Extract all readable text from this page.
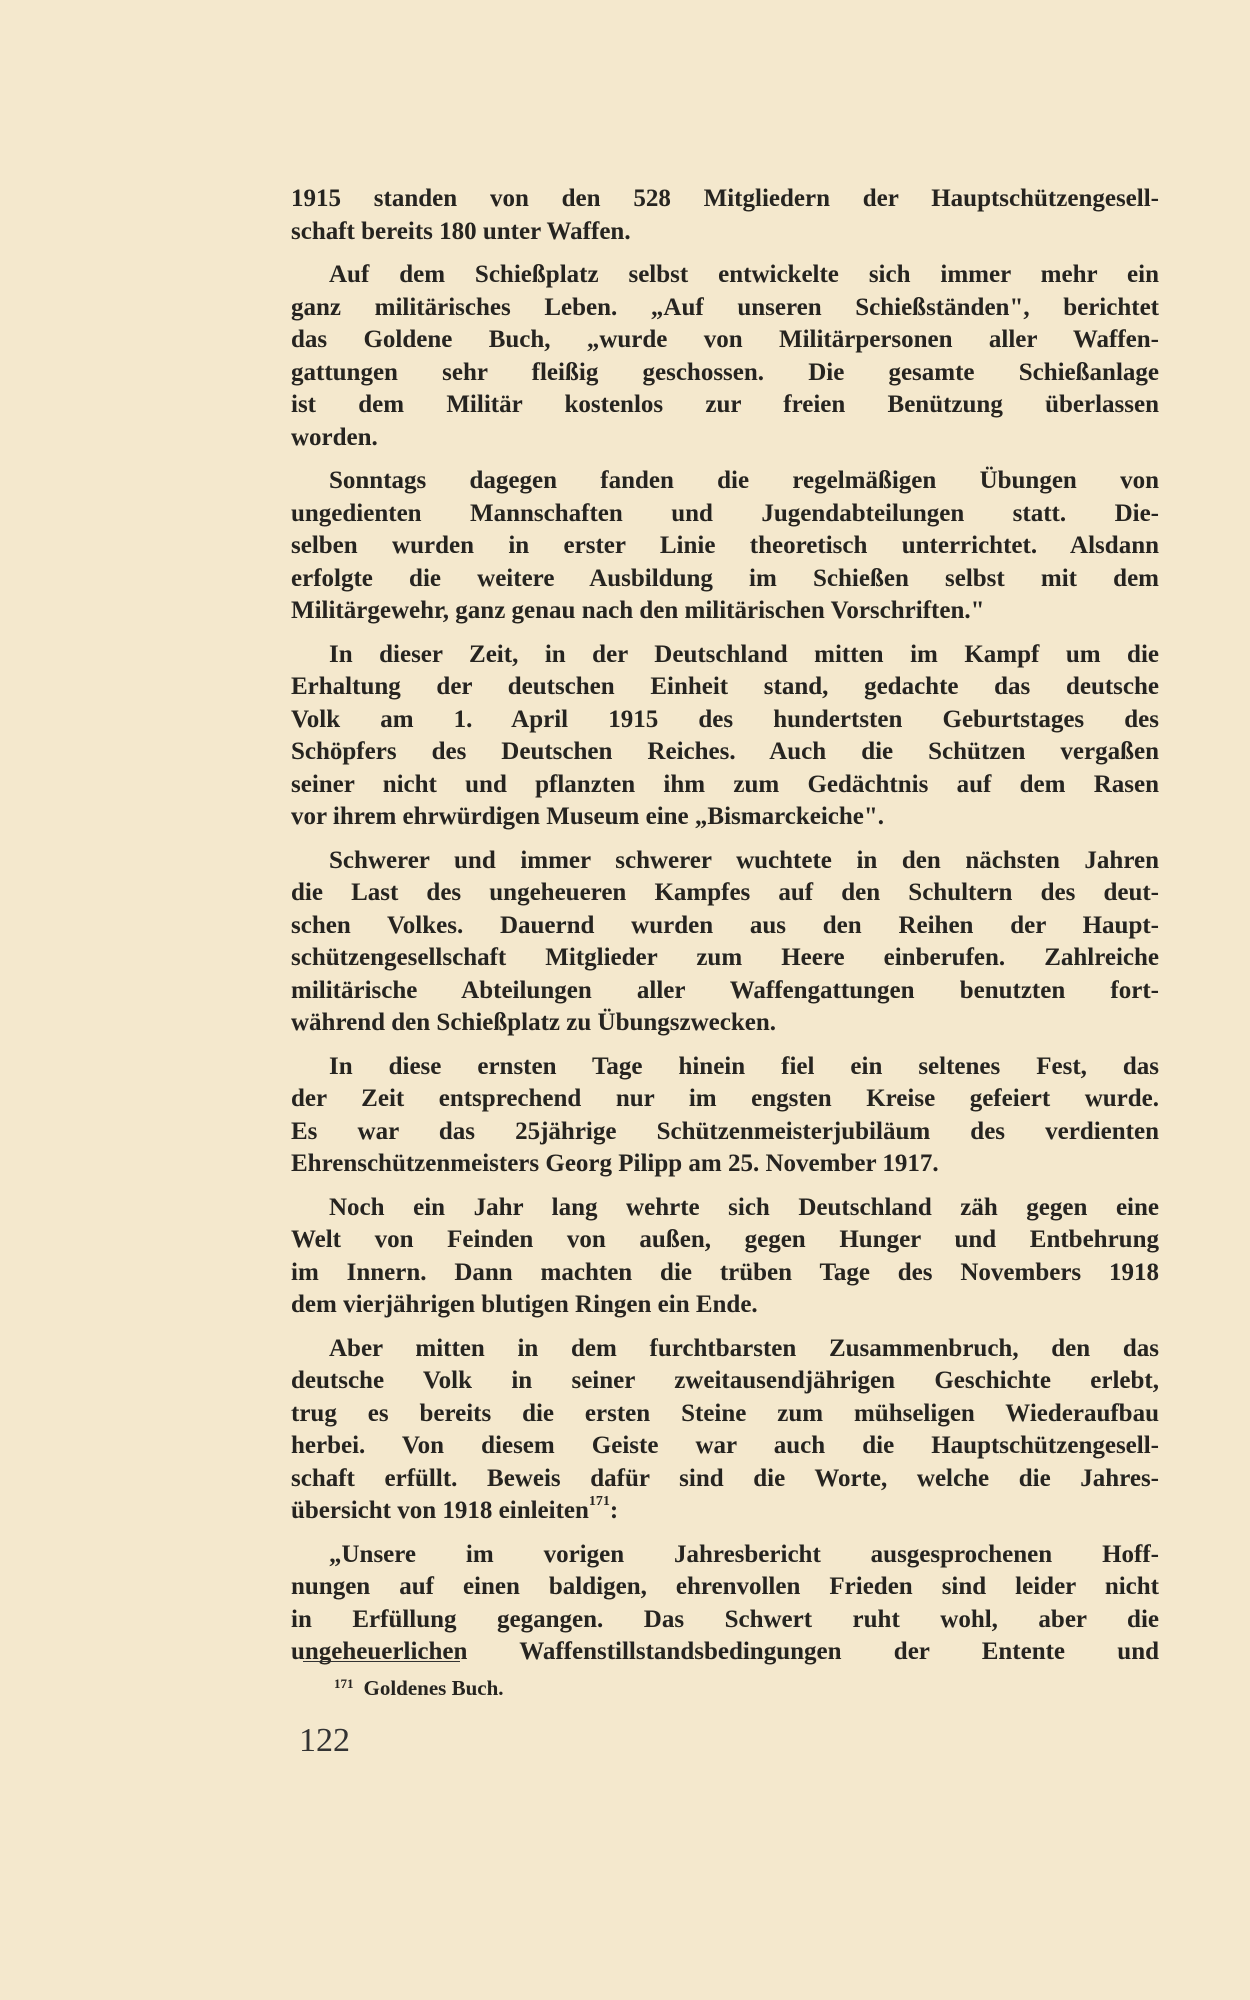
1915 standen von den 528 Mitgliedern der Hauptschützengesell-
schaft bereits 180 unter Waffen.
Auf dem Schießplatz selbst entwickelte sich immer mehr ein
ganz militärisches Leben. „Auf unseren Schießständen", berichtet
das Goldene Buch, „wurde von Militärpersonen aller Waffen-
gattungen sehr fleißig geschossen. Die gesamte Schießanlage
ist dem Militär kostenlos zur freien Benützung überlassen
worden.
Sonntags dagegen fanden die regelmäßigen Übungen von
ungedienten Mannschaften und Jugendabteilungen statt. Die-
selben wurden in erster Linie theoretisch unterrichtet. Alsdann
erfolgte die weitere Ausbildung im Schießen selbst mit dem
Militärgewehr, ganz genau nach den militärischen Vorschriften."
In dieser Zeit, in der Deutschland mitten im Kampf um die
Erhaltung der deutschen Einheit stand, gedachte das deutsche
Volk am 1. April 1915 des hundertsten Geburtstages des
Schöpfers des Deutschen Reiches. Auch die Schützen vergaßen
seiner nicht und pflanzten ihm zum Gedächtnis auf dem Rasen
vor ihrem ehrwürdigen Museum eine „Bismarckeiche".
Schwerer und immer schwerer wuchtete in den nächsten Jahren
die Last des ungeheueren Kampfes auf den Schultern des deut-
schen Volkes. Dauernd wurden aus den Reihen der Haupt-
schützengesellschaft Mitglieder zum Heere einberufen. Zahlreiche
militärische Abteilungen aller Waffengattungen benutzten fort-
während den Schießplatz zu Übungszwecken.
In diese ernsten Tage hinein fiel ein seltenes Fest, das
der Zeit entsprechend nur im engsten Kreise gefeiert wurde.
Es war das 25jährige Schützenmeisterjubiläum des verdienten
Ehrenschützenmeisters Georg Pilipp am 25. November 1917.
Noch ein Jahr lang wehrte sich Deutschland zäh gegen eine
Welt von Feinden von außen, gegen Hunger und Entbehrung
im Innern. Dann machten die trüben Tage des Novembers 1918
dem vierjährigen blutigen Ringen ein Ende.
Aber mitten in dem furchtbarsten Zusammenbruch, den das
deutsche Volk in seiner zweitausendjährigen Geschichte erlebt,
trug es bereits die ersten Steine zum mühseligen Wiederaufbau
herbei. Von diesem Geiste war auch die Hauptschützengesell-
schaft erfüllt. Beweis dafür sind die Worte, welche die Jahres-
übersicht von 1918 einleiten$^{171}$:
„Unsere im vorigen Jahresbericht ausgesprochenen Hoff-
nungen auf einen baldigen, ehrenvollen Frieden sind leider nicht
in Erfüllung gegangen. Das Schwert ruht wohl, aber die
ungeheuerlichen Waffenstillstandsbedingungen der Entente und
$^{171}$ Goldenes Buch.
122
